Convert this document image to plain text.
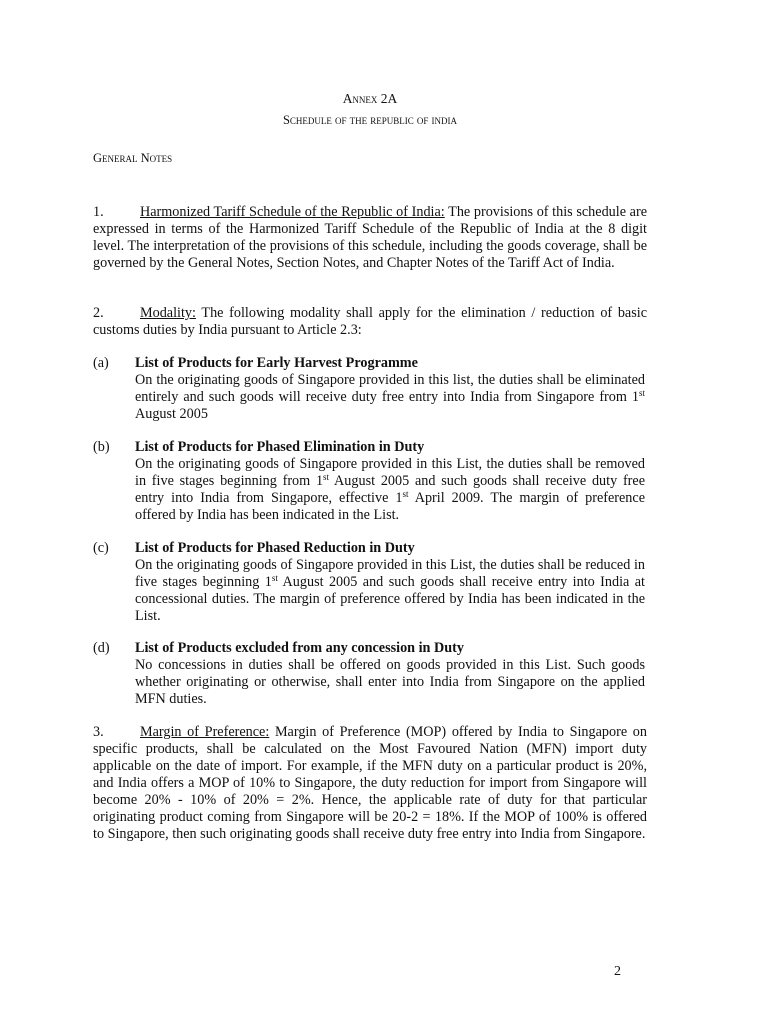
Annex 2A
Schedule of the republic of india
General Notes
1.	Harmonized Tariff Schedule of the Republic of India: The provisions of this schedule are expressed in terms of the Harmonized Tariff Schedule of the Republic of India at the 8 digit level. The interpretation of the provisions of this schedule, including the goods coverage, shall be governed by the General Notes, Section Notes, and Chapter Notes of the Tariff Act of India.
2.	Modality: The following modality shall apply for the elimination / reduction of basic customs duties by India pursuant to Article 2.3:
(a) List of Products for Early Harvest Programme
On the originating goods of Singapore provided in this list, the duties shall be eliminated entirely and such goods will receive duty free entry into India from Singapore from 1st August 2005
(b) List of Products for Phased Elimination in Duty
On the originating goods of Singapore provided in this List, the duties shall be removed in five stages beginning from 1st August 2005 and such goods shall receive duty free entry into India from Singapore, effective 1st April 2009. The margin of preference offered by India has been indicated in the List.
(c) List of Products for Phased Reduction in Duty
On the originating goods of Singapore provided in this List, the duties shall be reduced in five stages beginning 1st August 2005 and such goods shall receive entry into India at concessional duties. The margin of preference offered by India has been indicated in the List.
(d) List of Products excluded from any concession in Duty
No concessions in duties shall be offered on goods provided in this List. Such goods whether originating or otherwise, shall enter into India from Singapore on the applied MFN duties.
3.	Margin of Preference: Margin of Preference (MOP) offered by India to Singapore on specific products, shall be calculated on the Most Favoured Nation (MFN) import duty applicable on the date of import. For example, if the MFN duty on a particular product is 20%, and India offers a MOP of 10% to Singapore, the duty reduction for import from Singapore will become 20% - 10% of 20% = 2%. Hence, the applicable rate of duty for that particular originating product coming from Singapore will be 20-2 = 18%. If the MOP of 100% is offered to Singapore, then such originating goods shall receive duty free entry into India from Singapore.
2
